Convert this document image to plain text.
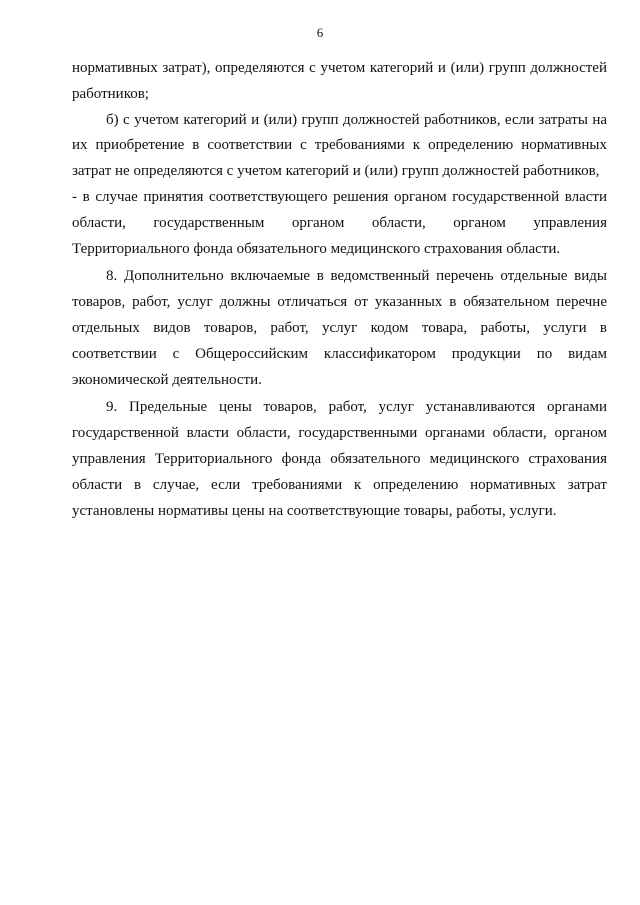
6

нормативных затрат), определяются с учетом категорий и (или) групп должностей работников;

б) с учетом категорий и (или) групп должностей работников, если затраты на их приобретение в соответствии с требованиями к определению нормативных затрат не определяются с учетом категорий и (или) групп должностей работников,

- в случае принятия соответствующего решения органом государственной власти области, государственным органом области, органом управления Территориального фонда обязательного медицинского страхования области.

8. Дополнительно включаемые в ведомственный перечень отдельные виды товаров, работ, услуг должны отличаться от указанных в обязательном перечне отдельных видов товаров, работ, услуг кодом товара, работы, услуги в соответствии с Общероссийским классификатором продукции по видам экономической деятельности.

9. Предельные цены товаров, работ, услуг устанавливаются органами государственной власти области, государственными органами области, органом управления Территориального фонда обязательного медицинского страхования области в случае, если требованиями к определению нормативных затрат установлены нормативы цены на соответствующие товары, работы, услуги.
